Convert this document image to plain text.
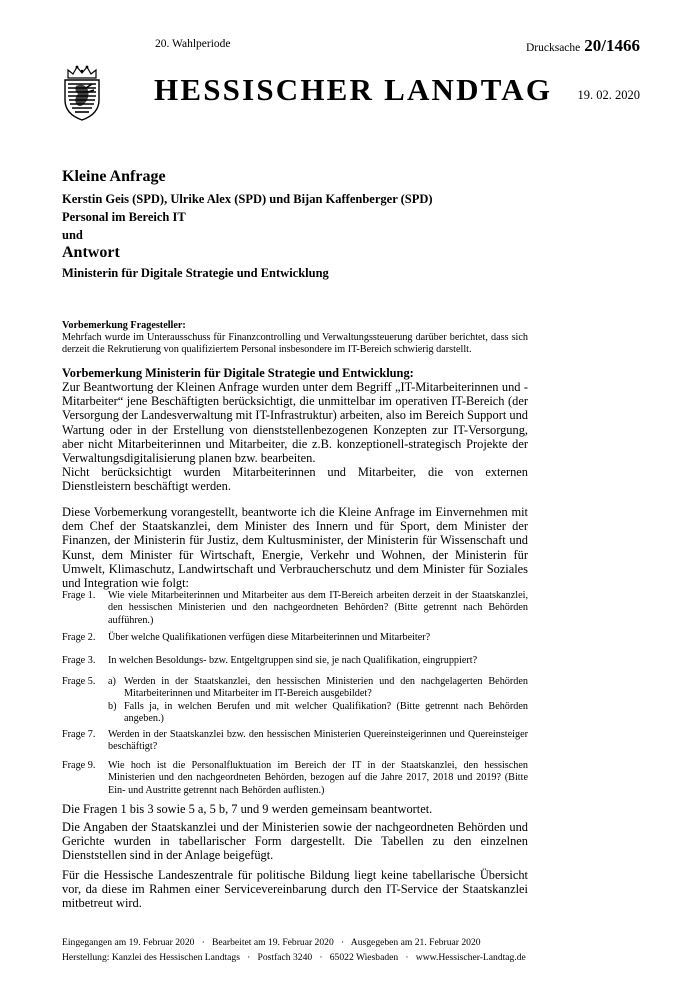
20. Wahlperiode	Drucksache 20/1466
HESSISCHER LANDTAG 19. 02. 2020
Kleine Anfrage
Kerstin Geis (SPD), Ulrike Alex (SPD) und Bijan Kaffenberger (SPD)
Personal im Bereich IT
und
Antwort
Ministerin für Digitale Strategie und Entwicklung
Vorbemerkung Fragesteller:
Mehrfach wurde im Unterausschuss für Finanzcontrolling und Verwaltungssteuerung darüber berichtet, dass sich derzeit die Rekrutierung von qualifiziertem Personal insbesondere im IT-Bereich schwierig darstellt.
Vorbemerkung Ministerin für Digitale Strategie und Entwicklung:
Zur Beantwortung der Kleinen Anfrage wurden unter dem Begriff „IT-Mitarbeiterinnen und -Mitarbeiter“ jene Beschäftigten berücksichtigt, die unmittelbar im operativen IT-Bereich (der Versorgung der Landesverwaltung mit IT-Infrastruktur) arbeiten, also im Bereich Support und Wartung oder in der Erstellung von dienststellenbezogenen Konzepten zur IT-Versorgung, aber nicht Mitarbeiterinnen und Mitarbeiter, die z.B. konzeptionell-strategisch Projekte der Verwaltungsdigitalisierung planen bzw. bearbeiten.
Nicht berücksichtigt wurden Mitarbeiterinnen und Mitarbeiter, die von externen Dienstleistern beschäftigt werden.
Diese Vorbemerkung vorangestellt, beantworte ich die Kleine Anfrage im Einvernehmen mit dem Chef der Staatskanzlei, dem Minister des Innern und für Sport, dem Minister der Finanzen, der Ministerin für Justiz, dem Kultusminister, der Ministerin für Wissenschaft und Kunst, dem Minister für Wirtschaft, Energie, Verkehr und Wohnen, der Ministerin für Umwelt, Klimaschutz, Landwirtschaft und Verbraucherschutz und dem Minister für Soziales und Integration wie folgt:
Frage 1. Wie viele Mitarbeiterinnen und Mitarbeiter aus dem IT-Bereich arbeiten derzeit in der Staatskanzlei, den hessischen Ministerien und den nachgeordneten Behörden? (Bitte getrennt nach Behörden aufführen.)
Frage 2. Über welche Qualifikationen verfügen diese Mitarbeiterinnen und Mitarbeiter?
Frage 3. In welchen Besoldungs- bzw. Entgeltgruppen sind sie, je nach Qualifikation, eingruppiert?
Frage 5. a) Werden in der Staatskanzlei, den hessischen Ministerien und den nachgelagerten Behörden Mitarbeiterinnen und Mitarbeiter im IT-Bereich ausgebildet?
b) Falls ja, in welchen Berufen und mit welcher Qualifikation? (Bitte getrennt nach Behörden angeben.)
Frage 7. Werden in der Staatskanzlei bzw. den hessischen Ministerien Quereinsteigerinnen und Quereinsteiger beschäftigt?
Frage 9. Wie hoch ist die Personalfluktuation im Bereich der IT in der Staatskanzlei, den hessischen Ministerien und den nachgeordneten Behörden, bezogen auf die Jahre 2017, 2018 und 2019? (Bitte Ein- und Austritte getrennt nach Behörden auflisten.)
Die Fragen 1 bis 3 sowie 5 a, 5 b, 7 und 9 werden gemeinsam beantwortet.
Die Angaben der Staatskanzlei und der Ministerien sowie der nachgeordneten Behörden und Gerichte wurden in tabellarischer Form dargestellt. Die Tabellen zu den einzelnen Dienststellen sind in der Anlage beigefügt.
Für die Hessische Landeszentrale für politische Bildung liegt keine tabellarische Übersicht vor, da diese im Rahmen einer Servicevereinbarung durch den IT-Service der Staatskanzlei mitbetreut wird.
Eingegangen am 19. Februar 2020   ·   Bearbeitet am 19. Februar 2020   ·   Ausgegeben am 21. Februar 2020
Herstellung: Kanzlei des Hessischen Landtags   ·   Postfach 3240   ·   65022 Wiesbaden   ·   www.Hessischer-Landtag.de
